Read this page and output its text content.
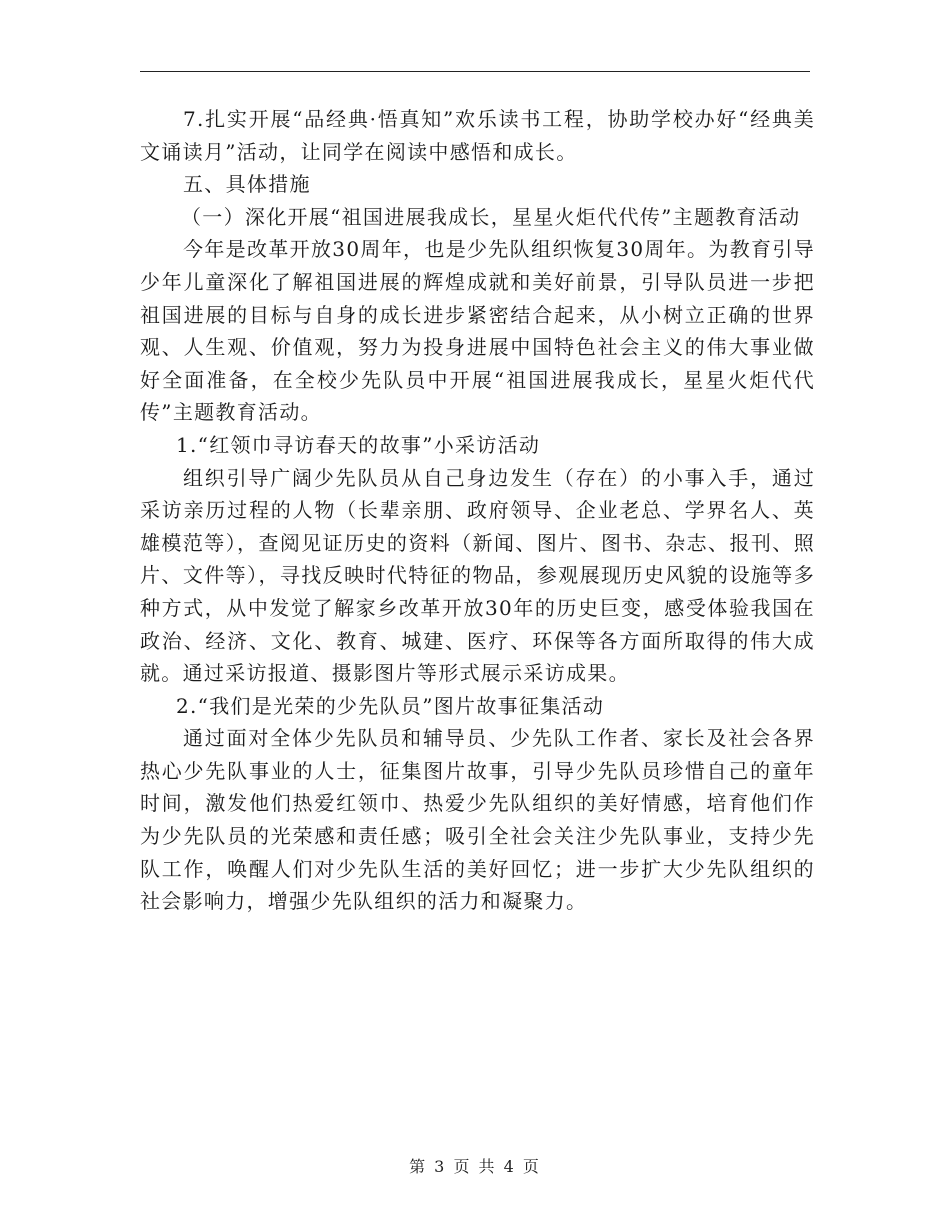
7.扎实开展“品经典·悟真知”欢乐读书工程，协助学校办好“经典美文诵读月”活动，让同学在阅读中感悟和成长。

五、具体措施

（一）深化开展“祖国进展我成长，星星火炬代代传”主题教育活动

今年是改革开放30周年，也是少先队组织恢复30周年。为教育引导少年儿童深化了解祖国进展的辉煌成就和美好前景，引导队员进一步把祖国进展的目标与自身的成长进步紧密结合起来，从小树立正确的世界观、人生观、价值观，努力为投身进展中国特色社会主义的伟大事业做好全面准备，在全校少先队员中开展“祖国进展我成长，星星火炬代代传”主题教育活动。

1.“红领巾寻访春天的故事”小采访活动

组织引导广阔少先队员从自己身边发生（存在）的小事入手，通过采访亲历过程的人物（长辈亲朋、政府领导、企业老总、学界名人、英雄模范等），查阅见证历史的资料（新闻、图片、图书、杂志、报刊、照片、文件等），寻找反映时代特征的物品，参观展现历史风貌的设施等多种方式，从中发觉了解家乡改革开放30年的历史巨变，感受体验我国在政治、经济、文化、教育、城建、医疗、环保等各方面所取得的伟大成就。通过采访报道、摄影图片等形式展示采访成果。

2.“我们是光荣的少先队员”图片故事征集活动

通过面对全体少先队员和辅导员、少先队工作者、家长及社会各界热心少先队事业的人士，征集图片故事，引导少先队员珍惜自己的童年时间，激发他们热爱红领巾、热爱少先队组织的美好情感，培育他们作为少先队员的光荣感和责任感；吸引全社会关注少先队事业，支持少先队工作，唤醒人们对少先队生活的美好回忆；进一步扩大少先队组织的社会影响力，增强少先队组织的活力和凝聚力。

第 3 页 共 4 页
